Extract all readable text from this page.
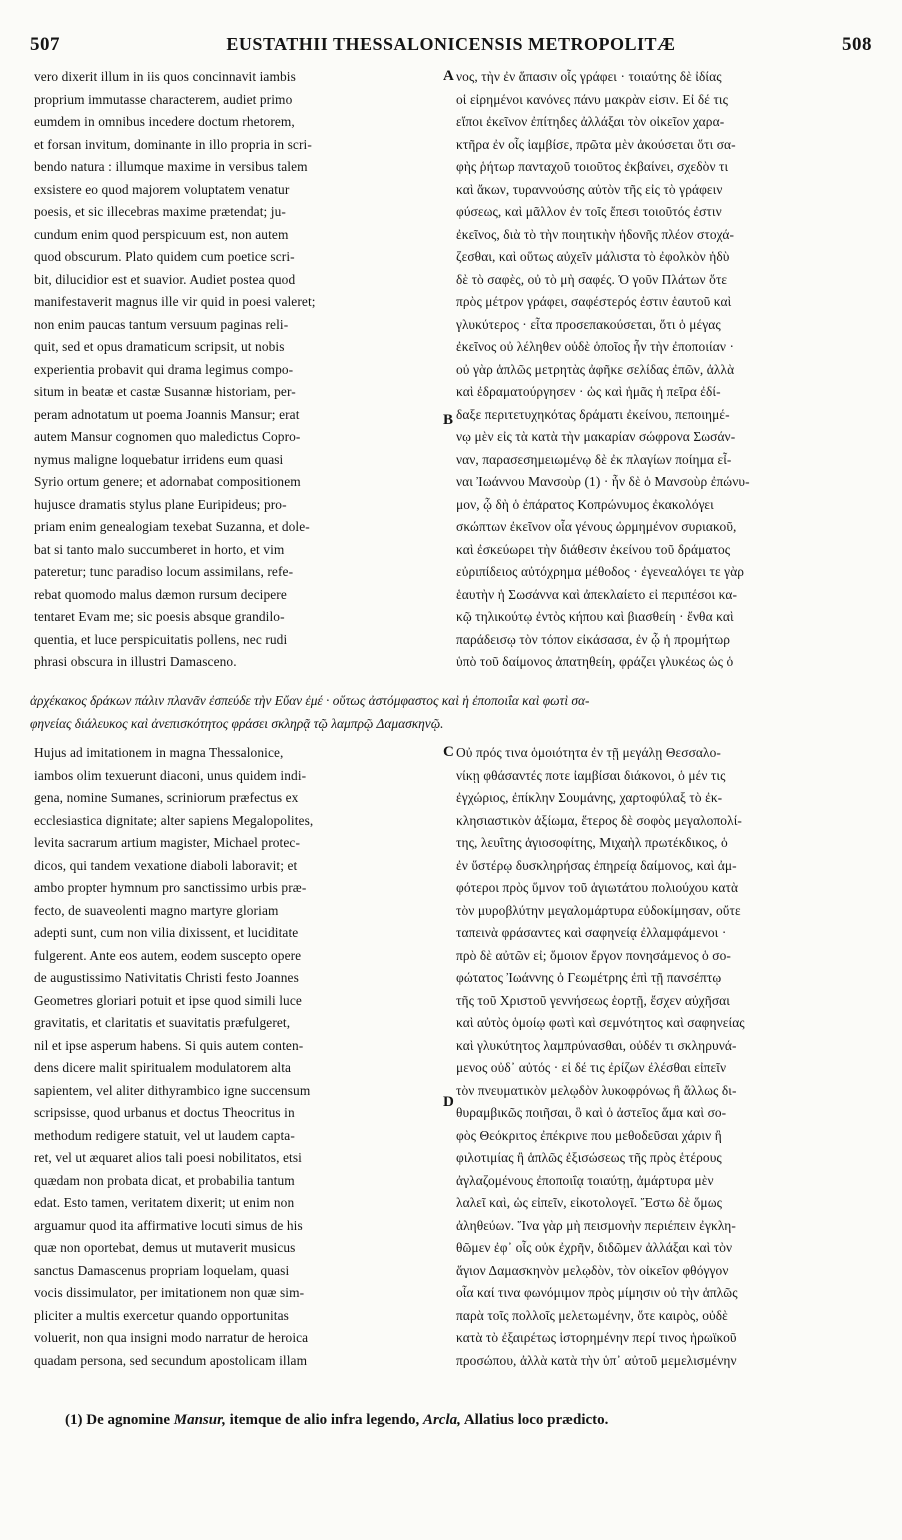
507	EUSTATHII THESSALONICENSIS METROPOLITÆ	508
vero dixerit illum in iis quos concinnavit iambis
proprium immutasse characterem, audiet primo
eumdem in omnibus incedere doctum rhetorem,
et forsan invitum, dominante in illo propria in scri-
bendo natura : illumque maxime in versibus talem
exsistere eo quod majorem voluptatem venatur
poesis, et sic illecebras maxime prætendat; ju-
cundum enim quod perspicuum est, non autem
quod obscurum. Plato quidem cum poetice scri-
bit, dilucidior est et suavior. Audiet postea quod
manifestaverit magnus ille vir quid in poesi valeret;
non enim paucas tantum versuum paginas reli-
quit, sed et opus dramaticum scripsit, ut nobis
experientia probavit qui drama legimus compo-
situm in beatæ et castæ Susannæ historiam, per-
peram adnotatum ut poema Joannis Mansur; erat
autem Mansur cognomen quo maledictus Copro-
nymus maligne loquebatur irridens eum quasi
Syrio ortum genere; et adornabat compositionem
hujusce dramatis stylus plane Euripideus; pro-
priam enim genealogiam texebat Suzanna, et dole-
bat si tanto malo succumberet in horto, et vim
pateretur; tunc paradiso locum assimilans, refe-
rebat quomodo malus dæmon rursum decipere
tentaret Evam me; sic poesis absque grandilo-
quentia, et luce perspicuitatis pollens, nec rudi
phrasi obscura in illustri Damasceno.
νος, τὴν ἐν ἅπασιν οἷς γράφει · τοιαύτης δὲ ἰδίας
οἱ εἰρημένοι κανόνες πάνυ μακρὰν εἰσιν. Εἰ δέ τις
εἴποι ἐκεῖνον ἐπίτηδες ἀλλάξαι τὸν οἰκεῖον χαρα-
κτῆρα ἐν οἷς ἰαμβίσε, πρῶτα μὲν ἀκούσεται ὅτι σα-
φὴς ῥήτωρ πανταχοῦ τοιοῦτος ἐκβαίνει, σχεδὸν τι
καὶ ἄκων, τυραννούσης αὐτὸν τῆς εἰς τὸ γράφειν
φύσεως, καὶ μᾶλλον ἐν τοῖς ἔπεσι τοιοῦτός ἐστιν
ἐκεῖνος, διὰ τὸ τὴν ποιητικὴν ἡδονῆς πλέον στοχά-
ζεσθαι, καὶ οὕτως αὐχεῖν μάλιστα τὸ ἐφολκὸν ἡδὺ
δὲ τὸ σαφὲς, οὐ τὸ μὴ σαφές. Ὁ γοῦν Πλάτων ὅτε
πρὸς μέτρον γράφει, σαφέστερός ἐστιν ἑαυτοῦ καὶ
γλυκύτερος · εἶτα προσεπακούσεται, ὅτι ὁ μέγας
ἐκεῖνος οὐ λέληθεν οὐδὲ ὁποῖος ἦν τὴν ἐποποιίαν ·
οὐ γὰρ ἁπλῶς μετρητὰς ἀφῆκε σελίδας ἐπῶν, ἀλλὰ
καὶ ἐδραματούργησεν · ὡς καὶ ἡμᾶς ἡ πεῖρα ἐδί-
δαξε περιτετυχηκότας δράματι ἐκείνου, πεποιημέ-
νῳ μὲν εἰς τὰ κατὰ τὴν μακαρίαν σώφρονα Σωσάν-
ναν, παρασεσημειωμένῳ δὲ ἐκ πλαγίων ποίημα εἶ-
ναι Ἰωάννου Μανσοὺρ (1) · ἦν δὲ ὁ Μανσοὺρ ἐπώνυ-
μον, ᾧ δὴ ὁ ἐπάρατος Κοπρώνυμος ἐκακολόγει
σκώπτων ἐκεῖνον οἷα γένους ὡρμημένον συριακοῦ,
καὶ ἐσκεύωρει τὴν διάθεσιν ἐκείνου τοῦ δράματος
εὐριπίδειος αὐτόχρημα μέθοδος · ἐγενεαλόγει τε γὰρ
ἑαυτὴν ἡ Σωσάννα καὶ ἀπεκλαίετο εἰ περιπέσοι κα-
κῷ τηλικούτῳ ἐντὸς κήπου καὶ βιασθείη · ἔνθα καὶ
παράδεισῳ τὸν τόπον εἰκάσασα, ἐν ᾧ ἡ προμήτωρ
ὑπὸ τοῦ δαίμονος ἀπατηθείη, φράζει γλυκέως ὡς ὁ
ἀρχέκακος δράκων πάλιν πλανᾶν ἐσπεύδε τὴν Εὔαν ἐμέ · οὕτως ἀστόμφαστος καὶ ἡ ἐποποιΐα καὶ φωτὶ σα-
φηνείας διάλευκος καὶ ἀνεπισκότητος φράσει σκληρᾷ τῷ λαμπρῷ Δαμασκηνῷ.
Hujus ad imitationem in magna Thessalonice,
iambos olim texuerunt diaconi, unus quidem indi-
gena, nomine Sumanes, scriniorum præfectus ex
ecclesiastica dignitate; alter sapiens Megalopolites,
levita sacrarum artium magister, Michael protec-
dicos, qui tandem vexatione diaboli laboravit; et
ambo propter hymnum pro sanctissimo urbis præ-
fecto, de suaveolenti magno martyre gloriam
adepti sunt, cum non vilia dixissent, et luciditate
fulgerent. Ante eos autem, eodem suscepto opere
de augustissimo Nativitatis Christi festo Joannes
Geometres gloriari potuit et ipse quod simili luce
gravitatis, et claritatis et suavitatis præfulgeret,
nil et ipse asperum habens. Si quis autem conten-
dens dicere malit spiritualem modulatorem alta
sapientem, vel aliter dithyrambico igne succensum
scripsisse, quod urbanus et doctus Theocritus in
methodum redigere statuit, vel ut laudem capta-
ret, vel ut æquaret alios tali poesi nobilitatos, etsi
quædam non probata dicat, et probabilia tantum
edat. Esto tamen, veritatem dixerit; ut enim non
arguamur quod ita affirmative locuti simus de his
quæ non oportebat, demus ut mutaverit musicus
sanctus Damascenus propriam loquelam, quasi
vocis dissimulator, per imitationem non quæ sim-
pliciter a multis exercetur quando opportunitas
voluerit, non qua insigni modo narratur de heroica
quadam persona, sed secundum apostolicam illam
Οὐ πρός τινα ὁμοιότητα ἐν τῇ μεγάλῃ Θεσσαλο-
νίκῃ φθάσαντές ποτε ἰαμβίσαι διάκονοι, ὁ μέν τις
ἐγχώριος, ἐπίκλην Σουμάνης, χαρτοφύλαξ τὸ ἐκ-
κλησιαστικὸν ἀξίωμα, ἕτερος δὲ σοφὸς μεγαλοπολί-
της, λευΐτης ἁγιοσοφίτης, Μιχαὴλ πρωτέκδικος, ὁ
ἐν ὕστέρῳ δυσκληρήσας ἐπηρείᾳ δαίμονος, καὶ ἀμ-
φότεροι πρὸς ὕμνον τοῦ ἁγιωτάτου πολιούχου κατὰ
τὸν μυροβλύτην μεγαλομάρτυρα εὐδοκίμησαν, οὔτε
ταπεινὰ φράσαντες καὶ σαφηνείᾳ ἐλλαμφάμενοι ·
πρὸ δὲ αὐτῶν εἰ; ὅμοιον ἔργον πονησάμενος ὁ σο-
φώτατος Ἰωάννης ὁ Γεωμέτρης ἐπὶ τῇ πανσέπτῳ
τῆς τοῦ Χριστοῦ γεννήσεως ἑορτῇ, ἔσχεν αὐχῆσαι
καὶ αὐτὸς ὁμοίῳ φωτὶ καὶ σεμνότητος καὶ σαφηνείας
καὶ γλυκύτητος λαμπρύνασθαι, οὐδέν τι σκληρυνά-
μενος οὐδ᾽ αὐτός · εἰ δέ τις ἐρίζων ἐλέσθαι εἰπεῖν
τὸν πνευματικὸν μελῳδὸν λυκοφρόνως ἢ ἄλλως δι-
θυραμβικῶς ποιῆσαι, ὃ καὶ ὁ ἀστεῖος ἅμα καὶ σο-
φὸς Θεόκριτος ἐπέκρινε που μεθοδεῦσαι χάριν ἢ
φιλοτιμίας ἢ ἁπλῶς ἐξισώσεως τῆς πρὸς ἑτέρους
ἀγλαζομένους ἐποποιΐᾳ τοιαύτῃ, ἀμάρτυρα μὲν
λαλεῖ καὶ, ὡς εἰπεῖν, εἰκοτολογεῖ. Ἔστω δὲ ὅμως
ἀληθεύων. Ἵνα γὰρ μὴ πεισμονὴν περιέπειν ἐγκλη-
θῶμεν ἐφ᾽ οἷς οὐκ ἐχρῆν, διδῶμεν ἀλλάξαι καὶ τὸν
ἅγιον Δαμασκηνὸν μελῳδὸν, τὸν οἰκεῖον φθόγγον
οἷα καί τινα φωνόμιμον πρὸς μίμησιν οὐ τὴν ἁπλῶς
παρὰ τοῖς πολλοῖς μελετωμένην, ὅτε καιρὸς, οὐδὲ
κατὰ τὸ ἐξαιρέτως ἱστορημένην περί τινος ἡρωϊκοῦ
προσώπου, ἀλλὰ κατὰ τὴν ὑπ᾽ αὐτοῦ μεμελισμένην
A
B
C
D
(1) De agnomine Mansur, itemque de alio infra legendo, Arcla, Allatius loco prædicto.
